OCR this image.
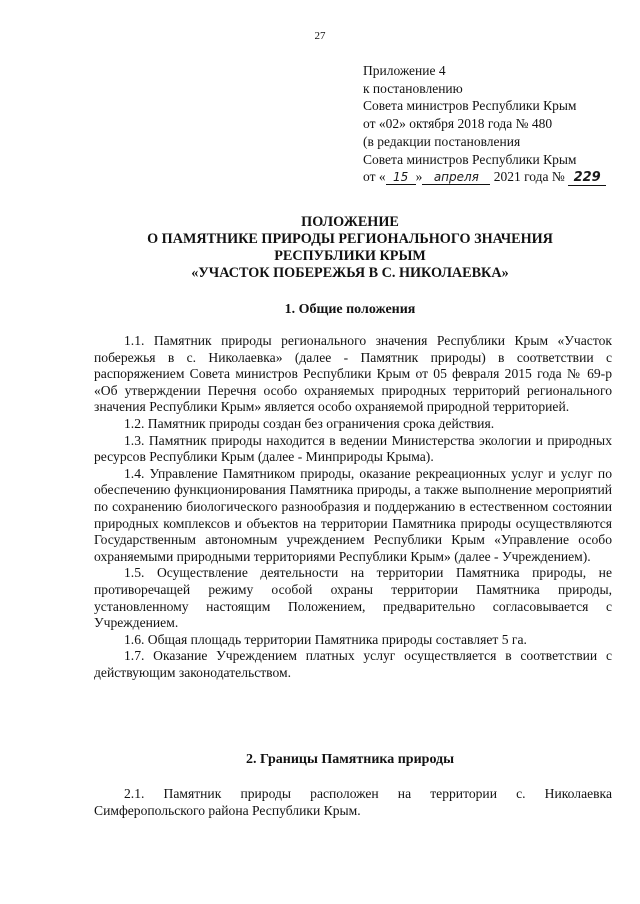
27
Приложение 4
к постановлению
Совета министров Республики Крым
от «02» октября 2018 года № 480
(в редакции постановления
Совета министров Республики Крым
от « 15 » апреля 2021 года № 229
ПОЛОЖЕНИЕ
О ПАМЯТНИКЕ ПРИРОДЫ РЕГИОНАЛЬНОГО ЗНАЧЕНИЯ
РЕСПУБЛИКИ КРЫМ
«УЧАСТОК ПОБЕРЕЖЬЯ В С. НИКОЛАЕВКА»
1. Общие положения

1.1. Памятник природы регионального значения Республики Крым «Участок побережья в с. Николаевка» (далее - Памятник природы) в соответствии с распоряжением Совета министров Республики Крым от 05 февраля 2015 года № 69-р «Об утверждении Перечня особо охраняемых природных территорий регионального значения Республики Крым» является особо охраняемой природной территорией.

1.2. Памятник природы создан без ограничения срока действия.

1.3. Памятник природы находится в ведении Министерства экологии и природных ресурсов Республики Крым (далее - Минприроды Крыма).

1.4. Управление Памятником природы, оказание рекреационных услуг и услуг по обеспечению функционирования Памятника природы, а также выполнение мероприятий по сохранению биологического разнообразия и поддержанию в естественном состоянии природных комплексов и объектов на территории Памятника природы осуществляются Государственным автономным учреждением Республики Крым «Управление особо охраняемыми природными территориями Республики Крым» (далее - Учреждением).

1.5. Осуществление деятельности на территории Памятника природы, не противоречащей режиму особой охраны территории Памятника природы, установленному настоящим Положением, предварительно согласовывается с Учреждением.

1.6. Общая площадь территории Памятника природы составляет 5 га.

1.7. Оказание Учреждением платных услуг осуществляется в соответствии с действующим законодательством.

2. Границы Памятника природы

2.1. Памятник природы расположен на территории с. Николаевка Симферопольского района Республики Крым.
